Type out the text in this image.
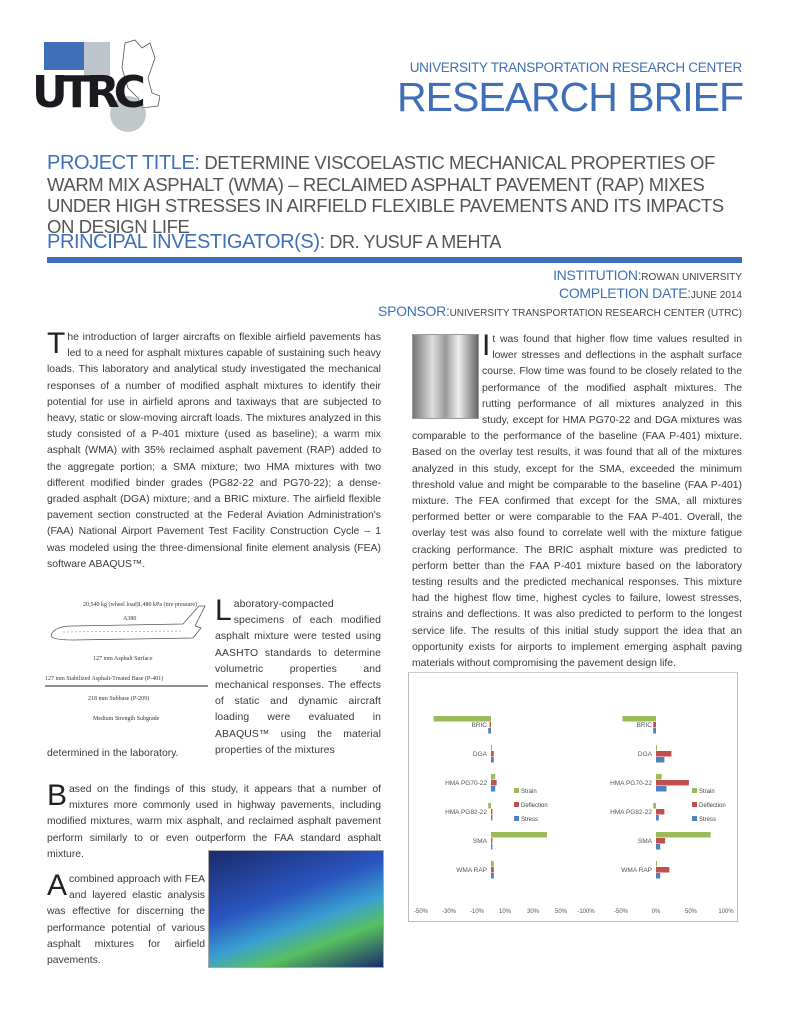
UTRC	UNIVERSITY TRANSPORTATION RESEARCH CENTER
RESEARCH BRIEF
PROJECT TITLE: DETERMINE VISCOELASTIC MECHANICAL PROPERTIES OF WARM MIX ASPHALT (WMA) – RECLAIMED ASPHALT PAVEMENT (RAP) MIXES UNDER HIGH STRESSES IN AIRFIELD FLEXIBLE PAVEMENTS AND ITS IMPACTS ON DESIGN LIFE
PRINCIPAL INVESTIGATOR(S): DR. YUSUF A MEHTA
INSTITUTION:ROWAN UNIVERSITY
COMPLETION DATE:JUNE 2014
SPONSOR:UNIVERSITY TRANSPORTATION RESEARCH CENTER (UTRC)
The introduction of larger aircrafts on flexible airfield pavements has led to a need for asphalt mixtures capable of sustaining such heavy loads. This laboratory and analytical study investigated the mechanical responses of a number of modified asphalt mixtures to identify their potential for use in airfield aprons and taxiways that are subjected to heavy, static or slow-moving aircraft loads. The mixtures analyzed in this study consisted of a P-401 mixture (used as baseline); a warm mix asphalt (WMA) with 35% reclaimed asphalt pavement (RAP) added to the aggregate portion; a SMA mixture; two HMA mixtures with two different modified binder grades (PG82-22 and PG70-22); a dense-graded asphalt (DGA) mixture; and a BRIC mixture. The airfield flexible pavement section constructed at the Federal Aviation Administration's (FAA) National Airport Pavement Test Facility Construction Cycle – 1 was modeled using the three-dimensional finite element analysis (FEA) software ABAQUS™.
20,540 kg (wheel load) 1,480 kPa (tire pressure)
A380
127 mm Asphalt Surface
127 mm Stabilized Asphalt-Treated Base (P-401)
218 mm Subbase (P-209)
Medium Strength Subgrade
Laboratory-compacted specimens of each modified asphalt mixture were tested using AASHTO standards to determine volumetric properties and mechanical responses. The effects of static and dynamic aircraft loading were evaluated in ABAQUS™ using the material properties of the mixtures
determined in the laboratory.
Based on the findings of this study, it appears that a number of mixtures more commonly used in highway pavements, including modified mixtures, warm mix asphalt, and reclaimed asphalt pavement perform similarly to or even outperform the FAA standard asphalt mixture.
Acombined approach with FEA and layered elastic analysis was effective for discerning the performance potential of various asphalt mixtures for airfield pavements.
It was found that higher flow time values resulted in lower stresses and deflections in the asphalt surface course. Flow time was found to be closely related to the performance of the modified asphalt mixtures. The rutting performance of all mixtures analyzed in this study, except for HMA PG70-22 and DGA mixtures was comparable to the performance of the baseline (FAA P-401) mixture. Based on the overlay test results, it was found that all of the mixtures analyzed in this study, except for the SMA, exceeded the minimum threshold value and might be comparable to the baseline (FAA P-401) mixture. The FEA confirmed that except for the SMA, all mixtures performed better or were comparable to the FAA P-401. Overall, the overlay test was also found to correlate well with the mixture fatigue cracking performance. The BRIC asphalt mixture was predicted to perform better than the FAA P-401 mixture based on the laboratory testing results and the predicted mechanical responses. This mixture had the highest flow time, highest cycles to failure, lowest stresses, strains and deflections. It was also predicted to perform to the longest service life. The results of this initial study support the idea that an opportunity exists for airports to implement emerging asphalt paving materials without compromising the pavement design life.
BRIC
DGA
HMA PG70-22
HMA PG82-22
SMA
WMA RAP
-50% -30% -10% 10%	30%	50%
Strain
Deflection
Stress
BRIC
DGA
HMA PG70-22
HMA PG82-22
SMA
WMA RAP
-100%	-50%	0%	50%	100%
Strain
Deflection
Stress
